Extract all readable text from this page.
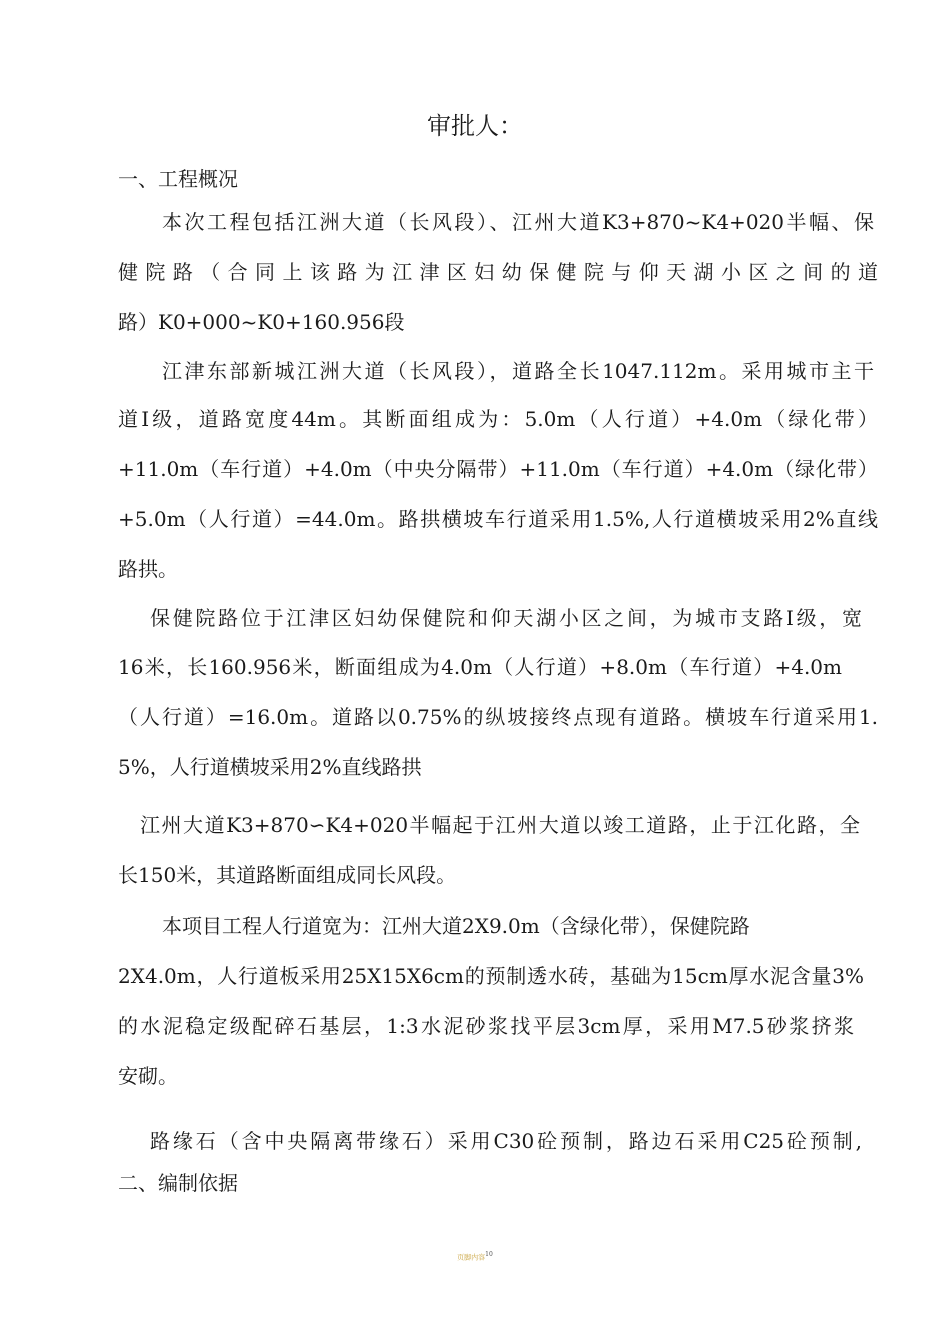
审批人：
一、工程概况
本次工程包括江洲大道（长风段）、江州大道K3+870~K4+020半幅、保
健院路（合同上该路为江津区妇幼保健院与仰天湖小区之间的道
路）K0+000~K0+160.956段
江津东部新城江洲大道（长风段），道路全长1047.112m。采用城市主干
道Ⅰ级，道路宽度44m。其断面组成为：5.0m（人行道）+4.0m（绿化带）
+11.0m（车行道）+4.0m（中央分隔带）+11.0m（车行道）+4.0m（绿化带）
+5.0m（人行道）=44.0m。路拱横坡车行道采用1.5%,人行道横坡采用2%直线
路拱。
保健院路位于江津区妇幼保健院和仰天湖小区之间，为城市支路Ⅰ级，宽
16米，长160.956米，断面组成为4.0m（人行道）+8.0m（车行道）+4.0m
（人行道）=16.0m。道路以0.75%的纵坡接终点现有道路。横坡车行道采用1.
5%，人行道横坡采用2%直线路拱
江州大道K3+870∽K4+020半幅起于江州大道以竣工道路，止于江化路，全
长150米，其道路断面组成同长风段。
本项目工程人行道宽为：江州大道2X9.0m（含绿化带），保健院路
2X4.0m，人行道板采用25X15X6cm的预制透水砖，基础为15cm厚水泥含量3%
的水泥稳定级配碎石基层，1:3水泥砂浆找平层3cm厚，采用M7.5砂浆挤浆
安砌。
路缘石（含中央隔离带缘石）采用C30砼预制，路边石采用C25砼预制,
二、编制依据
页脚内容$^{10}$
